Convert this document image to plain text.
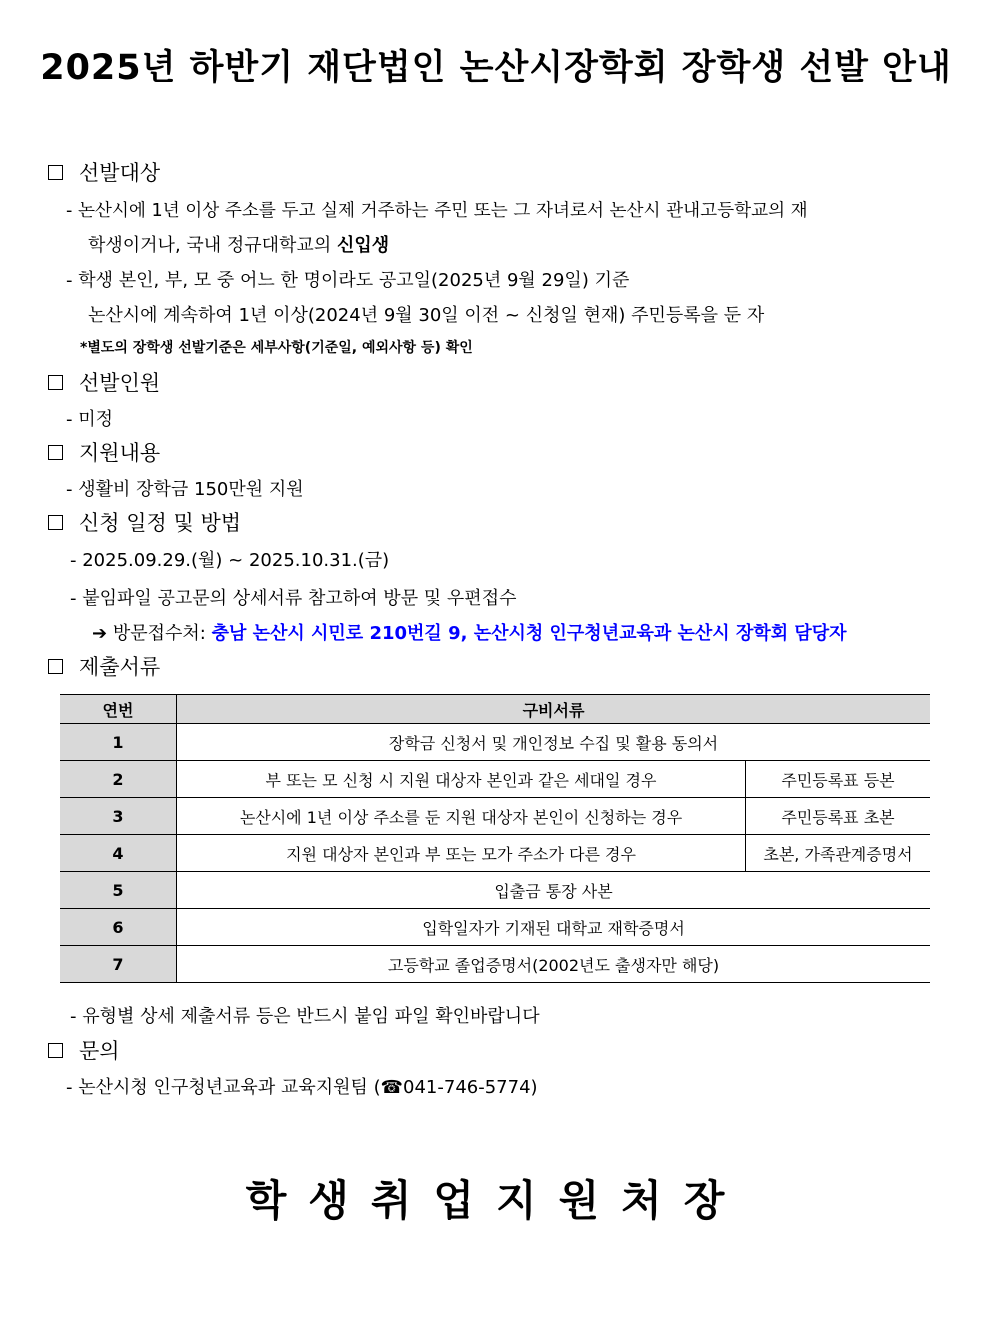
2025년 하반기 재단법인 논산시장학회 장학생 선발 안내
선발대상
- 논산시에 1년 이상 주소를 두고 실제 거주하는 주민 또는 그 자녀로서 논산시 관내고등학교의 재
학생이거나, 국내 정규대학교의 신입생
- 학생 본인, 부, 모 중 어느 한 명이라도 공고일(2025년 9월 29일) 기준
논산시에 계속하여 1년 이상(2024년 9월 30일 이전 ~ 신청일 현재) 주민등록을 둔 자
*별도의 장학생 선발기준은 세부사항(기준일, 예외사항 등) 확인
선발인원
- 미정
지원내용
- 생활비 장학금 150만원 지원
신청 일정 및 방법
- 2025.09.29.(월) ~ 2025.10.31.(금)
- 붙임파일 공고문의 상세서류 참고하여 방문 및 우편접수
➔ 방문접수처: 충남 논산시 시민로 210번길 9, 논산시청 인구청년교육과 논산시 장학회 담당자
제출서류
연번	구비서류	
1	장학금 신청서 및 개인정보 수집 및 활용 동의서	
2	부 또는 모 신청 시 지원 대상자 본인과 같은 세대일 경우	주민등록표 등본
3	논산시에 1년 이상 주소를 둔 지원 대상자 본인이 신청하는 경우	주민등록표 초본
4	지원 대상자 본인과 부 또는 모가 주소가 다른 경우	초본, 가족관계증명서
5	입출금 통장 사본	
6	입학일자가 기재된 대학교 재학증명서	
7	고등학교 졸업증명서(2002년도 출생자만 해당)	
- 유형별 상세 제출서류 등은 반드시 붙임 파일 확인바랍니다
문의
- 논산시청 인구청년교육과 교육지원팀 (☎041-746-5774)
학생취업지원처장
